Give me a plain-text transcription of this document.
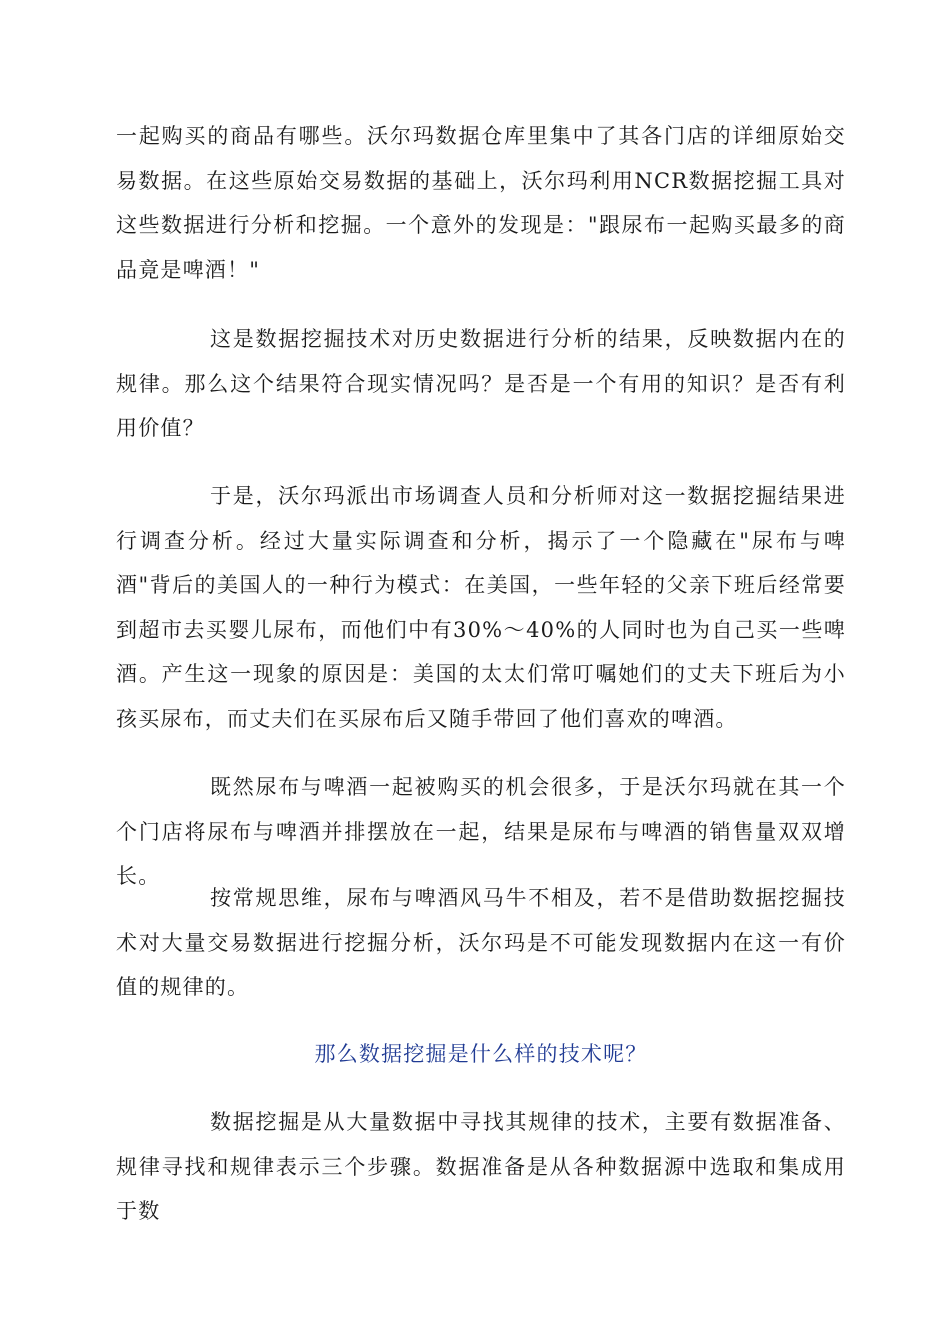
一起购买的商品有哪些。沃尔玛数据仓库里集中了其各门店的详细原始交易数据。在这些原始交易数据的基础上，沃尔玛利用NCR数据挖掘工具对这些数据进行分析和挖掘。一个意外的发现是："跟尿布一起购买最多的商品竟是啤酒！"

这是数据挖掘技术对历史数据进行分析的结果，反映数据内在的规律。那么这个结果符合现实情况吗？是否是一个有用的知识？是否有利用价值？

于是，沃尔玛派出市场调查人员和分析师对这一数据挖掘结果进行调查分析。经过大量实际调查和分析，揭示了一个隐藏在"尿布与啤酒"背后的美国人的一种行为模式：在美国，一些年轻的父亲下班后经常要到超市去买婴儿尿布，而他们中有30%～40%的人同时也为自己买一些啤酒。产生这一现象的原因是：美国的太太们常叮嘱她们的丈夫下班后为小孩买尿布，而丈夫们在买尿布后又随手带回了他们喜欢的啤酒。

既然尿布与啤酒一起被购买的机会很多，于是沃尔玛就在其一个个门店将尿布与啤酒并排摆放在一起，结果是尿布与啤酒的销售量双双增长。

按常规思维，尿布与啤酒风马牛不相及，若不是借助数据挖掘技术对大量交易数据进行挖掘分析，沃尔玛是不可能发现数据内在这一有价值的规律的。

那么数据挖掘是什么样的技术呢？

数据挖掘是从大量数据中寻找其规律的技术，主要有数据准备、规律寻找和规律表示三个步骤。数据准备是从各种数据源中选取和集成用于数
